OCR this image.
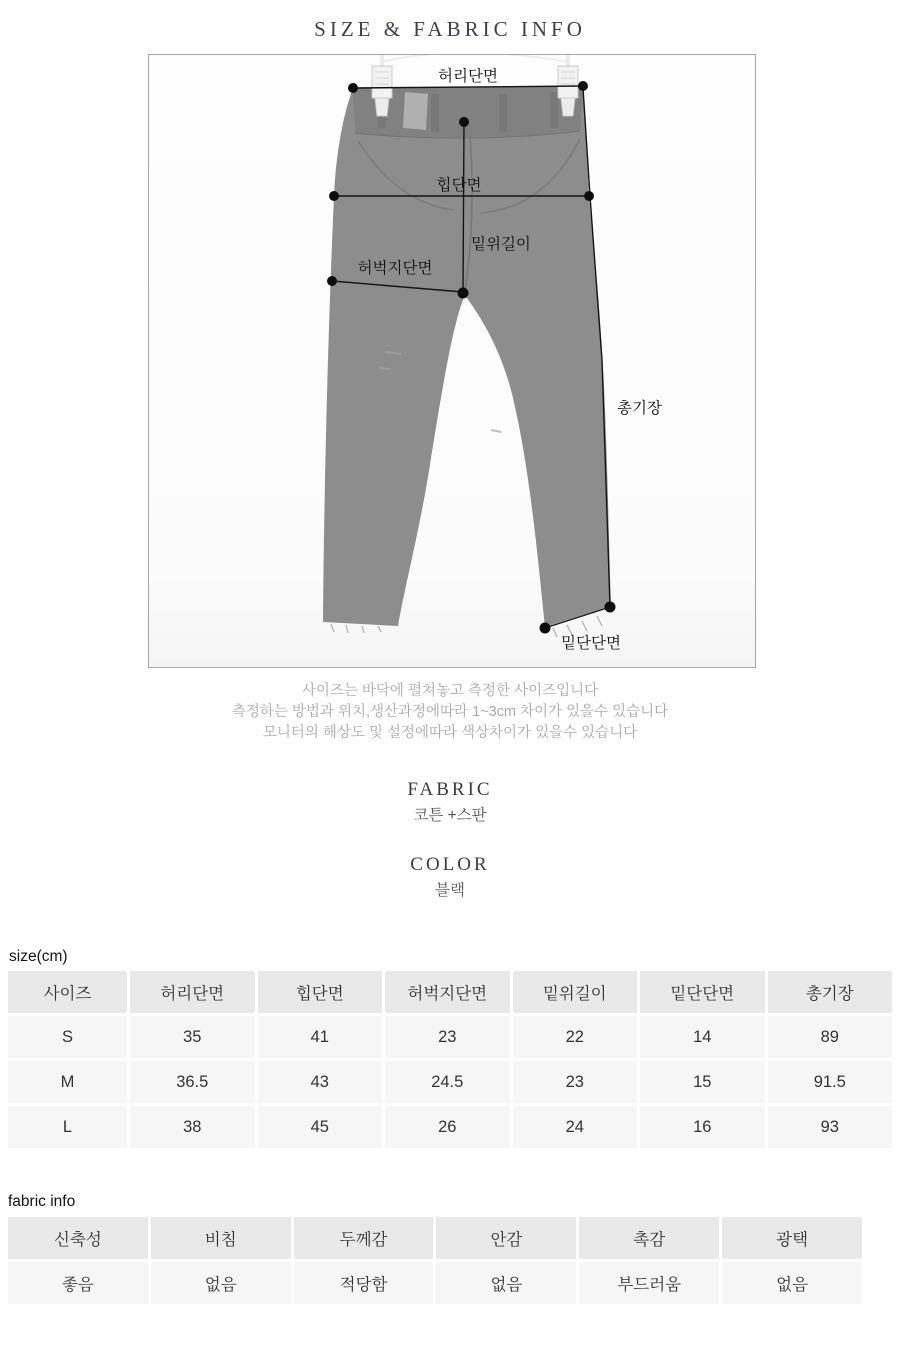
SIZE & FABRIC INFO
허리단면
힙단면
밑위길이
허벅지단면
총기장
밑단단면
사이즈는 바닥에 펼쳐놓고 측정한 사이즈입니다
측정하는 방법과 위치,생산과정에따라 1~3cm 차이가 있을수 있습니다
모니터의 해상도 및 설정에따라 색상차이가 있을수 있습니다
FABRIC
코튼 +스판
COLOR
블랙
size(cm)
사이즈	허리단면	힙단면	허벅지단면	밑위길이	밑단단면	총기장
S	35	41	23	22	14	89
M	36.5	43	24.5	23	15	91.5
L	38	45	26	24	16	93
fabric info
신축성	비침	두께감	안감	촉감	광택
좋음	없음	적당함	없음	부드러움	없음
